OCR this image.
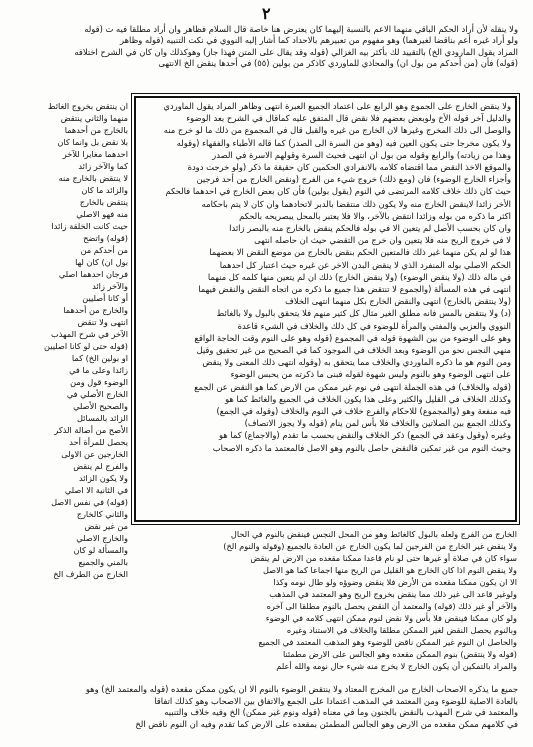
٢

ولا ينقله لأن أراد الحكم الباقي منهما الاعم بالنسبة إليهما كان يعترض هنا خاصة قال السلام فظاهر وان أراد مطلقا فيه ت (قوله

ولو أراد غيره أعم بناقضا لغيرهما) وهو مفهوم من تعبيرهم بالاحداد كما أشار إليه النووي في نكت التنبيه (قوله وظاهر

المراد يقول المارودي الخ) بالتقييد لك بأكثر بيه الغزالي (قوله وقد يقال على المتن فهذا جاز) وهوكذلك وان كان في الشرح اختلافه

(قوله) فأن (من أحدكم من بول ان) والمحاذي للماوردي كاذكر من بولين (٥٥) في أحدها ينقض الخ الانتهى

ولا ينقض الخارج على الجموع وهو الرابع على اعتماد الجميع العبرة انتهى وظاهر المراد يقول الماوردي

والدليل آخر قوله الأخ ولوبعض بعضهم فلا نقض قال المتفق عليه كماقال في الشرح بعد الوضوء

والوصل الى ذلك المخرج وغيرها لان الخارج من غيره والقبل قال في المجموع من ذلك ما لو خرج منه

ولا يكون مخرجا حتى يكون العين فيه (وهو من السرة الى الصدر) كما قاله الأطباء والفقهاء (وقوله

وهذا من زيادته) والرابع وقوله من بول ان انتهى فحيث السرة وقولهم الاسرة في الصدر

والموقع الاخذ النقض مما اقتضاه كلامه بالانفرادي الحكمين كان حقيقة ما ذكر (ولو خرجت دودة

وأجزاء الخارج الوضوء) فان (ومع ذلك) خروج شيء من الفرج (ونقض الخارج من أحد فرجين

حيث كان ذلك خلاف كلامه المرتضى في النوم (يقول بولين) فأن كان بعض الخارج في احدهما فالحكم

الأخر زائدا لاينقض الخارج منه ولا يكون ذلك منتقضا بالدبر لاتحادهما وان كان لا يتم باحكامه

اكثر ما ذكره من بوله وزائدا انتقض بالآخر، والا فلا يعتبر بالمحل يبصريحه بالحكم

وان كان بحسب الأصل لم يتعين الا في بوله فالحكم ينقض بالخارج منه بالبصر زائدا

لا في خروج الريح منه فلا يتعين وان خرج من التقضي حيث ان حاصله انتهى

هذا لو لم يكن منهما غير ذلك فالمتعين الحكم بنقض بالخارج من موضع النقض الا بعضهما

الحكم الاصلي بوله المنفرد الذي لا ينقض البدن الاخر عن غيره حيث اعتبار كل احدهما

في ماله ذلك (ولا ينقض الوضوء) (ولا ينقض الخارج) ذلك ان لم يتعين منها كلمه كل منهما

انتهى في هذه المسألة (والجموع لا تنتقض هذا جميع ما ذكره من اتجاه النقض والنقض فيهما

(ولا ينتقض بالخارج) انتهى والنقض الخارج بكل منهما انتهى الخلاف

(د) ولا ينتقض بالمس فانه مطلق الغير مثال كل كثير منهم فلا يتحقق بالبول ولا بالغائط

النووي والعزبي والمفتي والمرأة للوضوء في كل ذلك والخلاف في الشيء قاعدة

وهو على الوضوء من بين الشهوة قوله في المجموع (قوله وهو على النوم وقت الحاجة الواقع

منهي النجس نحو من الوضوء وبعد الخلاف في الموجود كما في الصحيح من غير تحقيق وقيل

ومن النوم هو ما ذكره الماوردي والخلاف مما يتحقق به (وقوله انتهى ذلك المعنى ولا ينقض

على انتهى الوضوء وهو بالنوم وليس شهوة لقوله فبنى ما ذكرته من يحبس الوضوء

(قوله والخلاف) في هذه الجملة انتهى في نوم غير ممكن من الارض كما هو النقض عن الجمع

وكذلك الخلاف في القليل والكثير وعلى هذا يكون الخلاف في الجميع والغائط كما هو

فيه منفعة وهو (والمجموع) للاحكام والفرع خلاف في النوم والخلاف (وقوله في الجمع)

وكذلك الجمع بين الصلاتين والخلاف فلا بأس لمن ينام (قوله ولا يجوز الاتصاف)

وغيره (وقول وعقد في الجمع) ذكر الخلاف والنقض بحسب ما تقدم (والاجماع) كما هو

وحيث النوم من غير تمكين فالنقض حاصل بالنوم وهو الاصل فالمعتمد ما ذكره الاصحاب

ان ينتقض بخروج الغائط

منهما والثاني ينتقض

بالخارج من أحدهما

بلا نقض بل وانما كان

احدهما مغايرا للآخر

كما والآخر زائد

لا ينتقض بالخارج منه

والزائد ما كان

ينتقض بالخارج

منه فهو الاصلي

حيث كانت الخلقة زائدا

(قوله) واتضح

من أحدكم من

بول ان) كان لها

فرجان احدهما اصلي

والآخر زائد

أو كانا أصليين

والخارج من أحدهما

انتهى ولا تنقض

الآخر في شرح المهذب

(قوله حتى لو كانا اصليين

او بولين الخ) كما

زائدا وعلى ما في

الوضوء قول ومن

الخارج الأصلي في

والصحيح الأصلي

الزائد بالمسائل

الأصح من أصالة الذكر

يحصل للمرأة أحد

الخارجين عن الاولى

والفرج لم ينقض

ولا يكون الزائد

في الثانية الا اصلي

(قوله) في نفس الاصل

والثاني كالخارج

من غير نقض

والخارج الاصلي

والمسألة لو كان

بالمني والجميع

الخارج من الطرف الخ

الخارج من الفرج ولعله بالبول كالغائط وهو من المحل النجس فينقض بالنوم في الحال

ولا ينقض غير الخارج من الفرجين لما يكون الخارج عن العادة بالجميع (وقوله والنوم الخ)

سواء كان في صلاة أو غيرها حتى لو نام قاعدا ممكنا مقعده من الارض لم ينقض

ولا ينقض النوم اذا كان الخارج هو القليل من الريح منها اجماعا كما هو الاصل

الا ان يكون ممكنا مقعده من الأرض فلا ينقض وضوؤه ولو طال نومه وكذا

ولوغير قاعد الى غير ذلك مما ينقض بخروج الريح وهو المعتمد في المذهب

والآخر أو غير ذلك (قوله) والمعتمد أن النقض يحصل بالنوم مطلقا الى آخره

ولو كان ممكنا فينقض فلا بأس ولا نقض لنوم ممكن انتهى كلامه في الوضوء

وبالنوم يحصل النقض لغير الممكن مطلقا والخلاف في الاستناد وغيره

والحاصل ان النوم غير الممكن ناقض للوضوء وهو المذهب المعتمد في الجميع

(قوله ولا ينتقض) بنوم الممكن مقعده وهو الجالس على الارض مطمئنا

والمراد بالتمكين أن يكون الخارج لا يخرج منه شيء حال نومه والله أعلم

جميع ما يذكره الاصحاب الخارج من المخرج المعتاد ولا ينتقض الوضوء بالنوم الا ان يكون ممكن مقعده (قوله والمعتمد الخ) وهو

بالعادة الاصلية للوضوء ومن المعتمد في المذهب اعتمادا على الجمع والاتفاق بين الاصحاب وهو كذلك اتفاقا

والمعتمد في شرح المهذب بالنقض بالجنون وما في معناه (قوله ونوم غير ممكن) الخ وفيه خلاف والتنبيه

في كلامهم ممكن مقعده من الارض وهو الجالس المطمئن بمقعده على الارض كما تقدم وفيه ان النوم ناقض الخ
